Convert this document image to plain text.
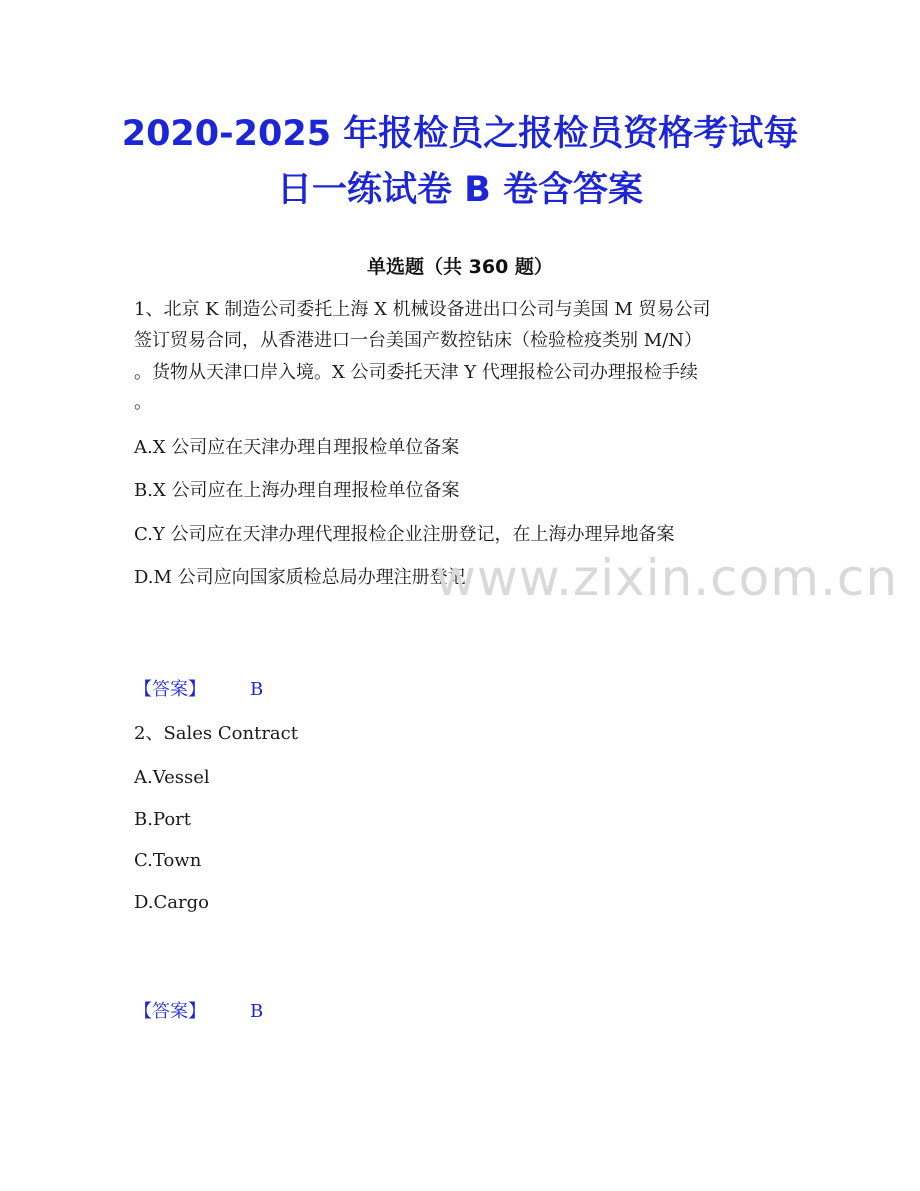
2020-2025 年报检员之报检员资格考试每
日一练试卷 B 卷含答案
单选题（共 360 题）
1、北京 K 制造公司委托上海 X 机械设备进出口公司与美国 M 贸易公司
签订贸易合同，从香港进口一台美国产数控钻床（检验检疫类别 M/N）
。货物从天津口岸入境。X 公司委托天津 Y 代理报检公司办理报检手续
。
A.X 公司应在天津办理自理报检单位备案
B.X 公司应在上海办理自理报检单位备案
C.Y 公司应在天津办理代理报检企业注册登记，在上海办理异地备案
D.M 公司应向国家质检总局办理注册登记
www.zixin.com.cn
【答案】 B
2、Sales Contract
A.Vessel
B.Port
C.Town
D.Cargo
【答案】 B
